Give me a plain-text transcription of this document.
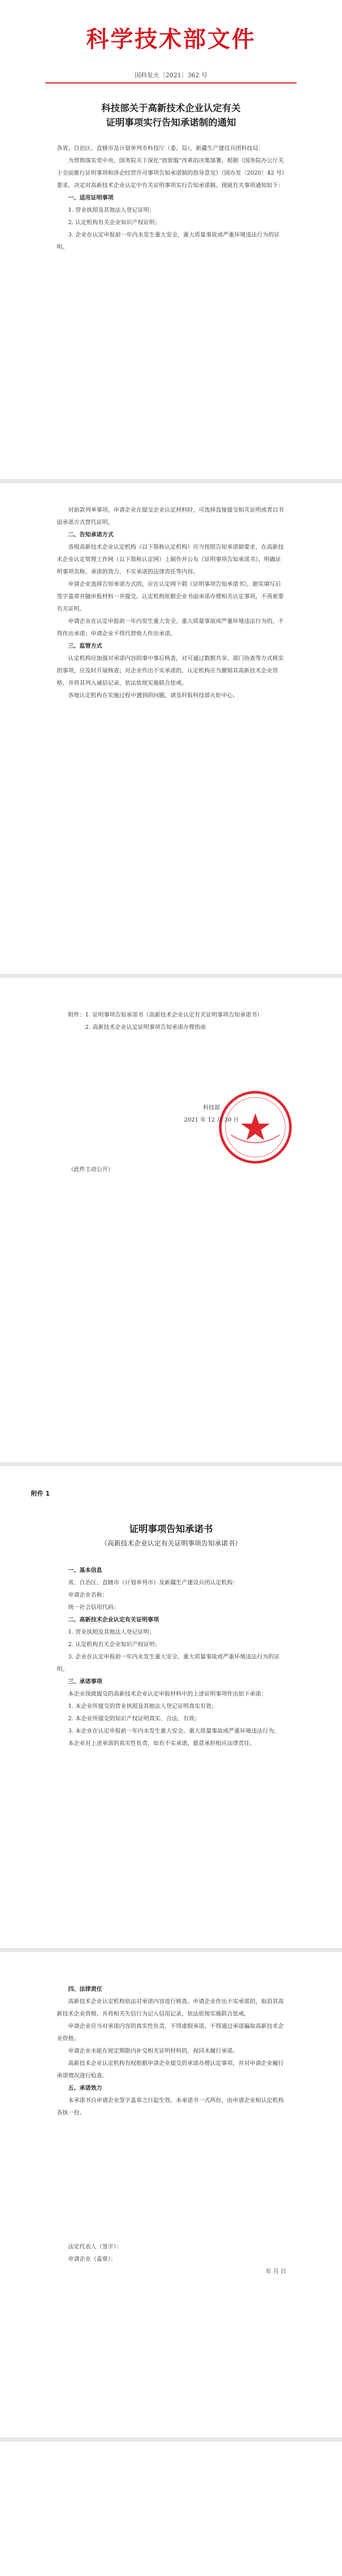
科学技术部文件
国科发火〔2021〕362 号
科技部关于高新技术企业认定有关
证明事项实行告知承诺制的通知

各省、自治区、直辖市及计划单列市科技厅（委、局），新疆生产建设兵团科技局：

为贯彻落实党中央、国务院关于深化“放管服”改革的决策部署，根据《国务院办公厅关于全面推行证明事项和涉企经营许可事项告知承诺制的指导意见》（国办发〔2020〕42 号）要求，决定对高新技术企业认定中有关证明事项实行告知承诺制。现就有关事项通知如下：

一、适用证明事项

1. 营业执照及其他法人登记证明；

2. 认定机构有关企业知识产权证明；

3. 企业在认定申报前一年内未发生重大安全、重大质量事故或严重环境违法行为的证明。

对前款列举事项，申请企业在提交企业认定材料时，可选择直接提交相关证明或者以书面承诺方式替代证明。

二、告知承诺方式

各级高新技术企业认定机构（以下简称认定机构）应当按照告知承诺制要求，在高新技术企业认定管理工作网（以下简称认定网）上制作并公布《证明事项告知承诺书》，明确证明事项名称、承诺的效力、不实承诺的法律责任等内容。

申请企业选择告知承诺方式的，应在认定网下载《证明事项告知承诺书》，据实填写后签字盖章并随申报材料一并提交。认定机构依据企业书面承诺办理相关认定事项，不再索要有关证明。

申请企业在认定申报前一年内发生重大安全、重大质量事故或严重环境违法行为的，不得作出承诺；申请企业不得代替他人作出承诺。

三、监管方式

认定机构应加强对承诺内容的事中事后核查，对可通过数据共享、部门协查等方式核实的事项，应及时开展核查；对企业作出不实承诺的，认定机构应当撤销其高新技术企业资格，并将其列入诚信记录，依法依规实施联合惩戒。

各地认定机构在实施过程中遇到的问题，请及时报科技部火炬中心。

附件：1. 证明事项告知承诺书（高新技术企业认定有关证明事项告知承诺书）

2. 高新技术企业认定证明事项告知承诺办理指南

科技部

2021 年 12 月 30 日

（此件主动公开）

附件 1
证明事项告知承诺书
（高新技术企业认定有关证明事项告知承诺书）

一、基本信息

省、自治区、直辖市（计划单列市）及新疆生产建设兵团认定机构：

申请企业名称：

统一社会信用代码：

二、高新技术企业认定有关证明事项

1. 营业执照及其他法人登记证明；

2. 认定机构有关企业知识产权证明；

3. 企业在认定申报前一年内未发生重大安全、重大质量事故或严重环境违法行为的证明。

三、承诺事项

本企业现就提交的高新技术企业认定申报材料中的上述证明事项作出如下承诺：

1. 本企业所提交的营业执照及其他法人登记证明真实有效；

2. 本企业所提交的知识产权证明真实、合法、有效；

3. 本企业在认定申报前一年内未发生重大安全、重大质量事故或严重环境违法行为。

本企业对上述承诺的真实性负责，如有不实承诺，愿意承担相应法律责任。

四、法律责任

高新技术企业认定机构依法对承诺内容进行核查。申请企业作出不实承诺的，取消其高新技术企业资格，并将相关失信行为记入信用记录，依法依规实施联合惩戒。

申请企业应当对承诺内容的真实性负责，不得虚假承诺，不得通过承诺骗取高新技术企业资格。

申请企业未能在规定期限内补交相关证明材料的，视同未履行承诺。

高新技术企业认定机构有权根据申请企业提交的承诺办理认定事项，并对申请企业履行承诺情况进行检查。

五、承诺效力

本承诺书自申请企业签字盖章之日起生效。本承诺书一式两份，由申请企业和认定机构各执一份。

法定代表人（签字）：

申请企业（盖章）：

年 月 日
